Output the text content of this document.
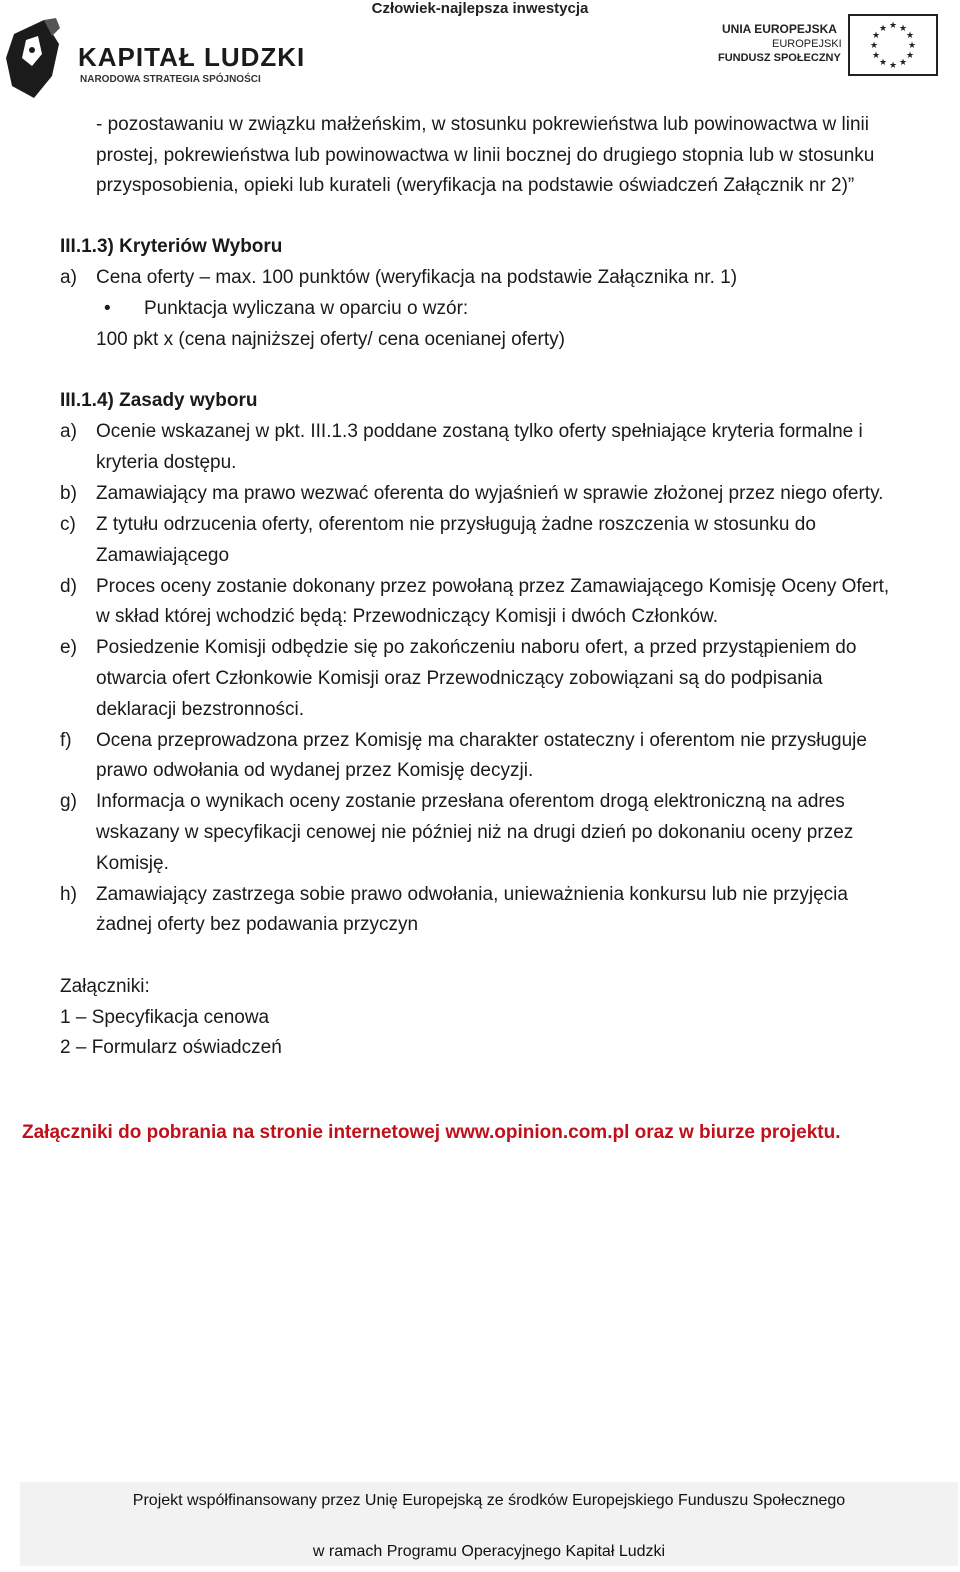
Człowiek-najlepsza inwestycja
KAPITAŁ LUDZKI
NARODOWA STRATEGIA SPÓJNOŚCI
UNIA EUROPEJSKA
EUROPEJSKI
FUNDUSZ SPOŁECZNY
★ ★
★
★
★
★
★
★
★
★
★
★
- pozostawaniu w związku małżeńskim, w stosunku pokrewieństwa lub powinowactwa w linii
prostej, pokrewieństwa lub powinowactwa w linii bocznej do drugiego stopnia lub w stosunku
przysposobienia, opieki lub kurateli (weryfikacja na podstawie oświadczeń Załącznik nr 2)”
III.1.3) Kryteriów Wyboru
a) Cena oferty – max. 100 punktów (weryfikacja na podstawie Załącznika nr. 1)
• Punktacja wyliczana w oparciu o wzór:
100 pkt x (cena najniższej oferty/ cena ocenianej oferty)
III.1.4) Zasady wyboru
a) Ocenie wskazanej w pkt. III.1.3 poddane zostaną tylko oferty spełniające kryteria formalne i
kryteria dostępu.
b) Zamawiający ma prawo wezwać oferenta do wyjaśnień w sprawie złożonej przez niego oferty.
c) Z tytułu odrzucenia oferty, oferentom nie przysługują żadne roszczenia w stosunku do
Zamawiającego
d) Proces oceny zostanie dokonany przez powołaną przez Zamawiającego Komisję Oceny Ofert,
w skład której wchodzić będą: Przewodniczący Komisji i dwóch Członków.
e) Posiedzenie Komisji odbędzie się po zakończeniu naboru ofert, a przed przystąpieniem do
otwarcia ofert Członkowie Komisji oraz Przewodniczący zobowiązani są do podpisania
deklaracji bezstronności.
f) Ocena przeprowadzona przez Komisję ma charakter ostateczny i oferentom nie przysługuje
prawo odwołania od wydanej przez Komisję decyzji.
g) Informacja o wynikach oceny zostanie przesłana oferentom drogą elektroniczną na adres
wskazany w specyfikacji cenowej nie później niż na drugi dzień po dokonaniu oceny przez
Komisję.
h) Zamawiający zastrzega sobie prawo odwołania, unieważnienia konkursu lub nie przyjęcia
żadnej oferty bez podawania przyczyn
Załączniki:
1 – Specyfikacja cenowa
2 – Formularz oświadczeń
Załączniki do pobrania na stronie internetowej www.opinion.com.pl oraz w biurze projektu.
Projekt współfinansowany przez Unię Europejską ze środków Europejskiego Funduszu Społecznego
w ramach Programu Operacyjnego Kapitał Ludzki
